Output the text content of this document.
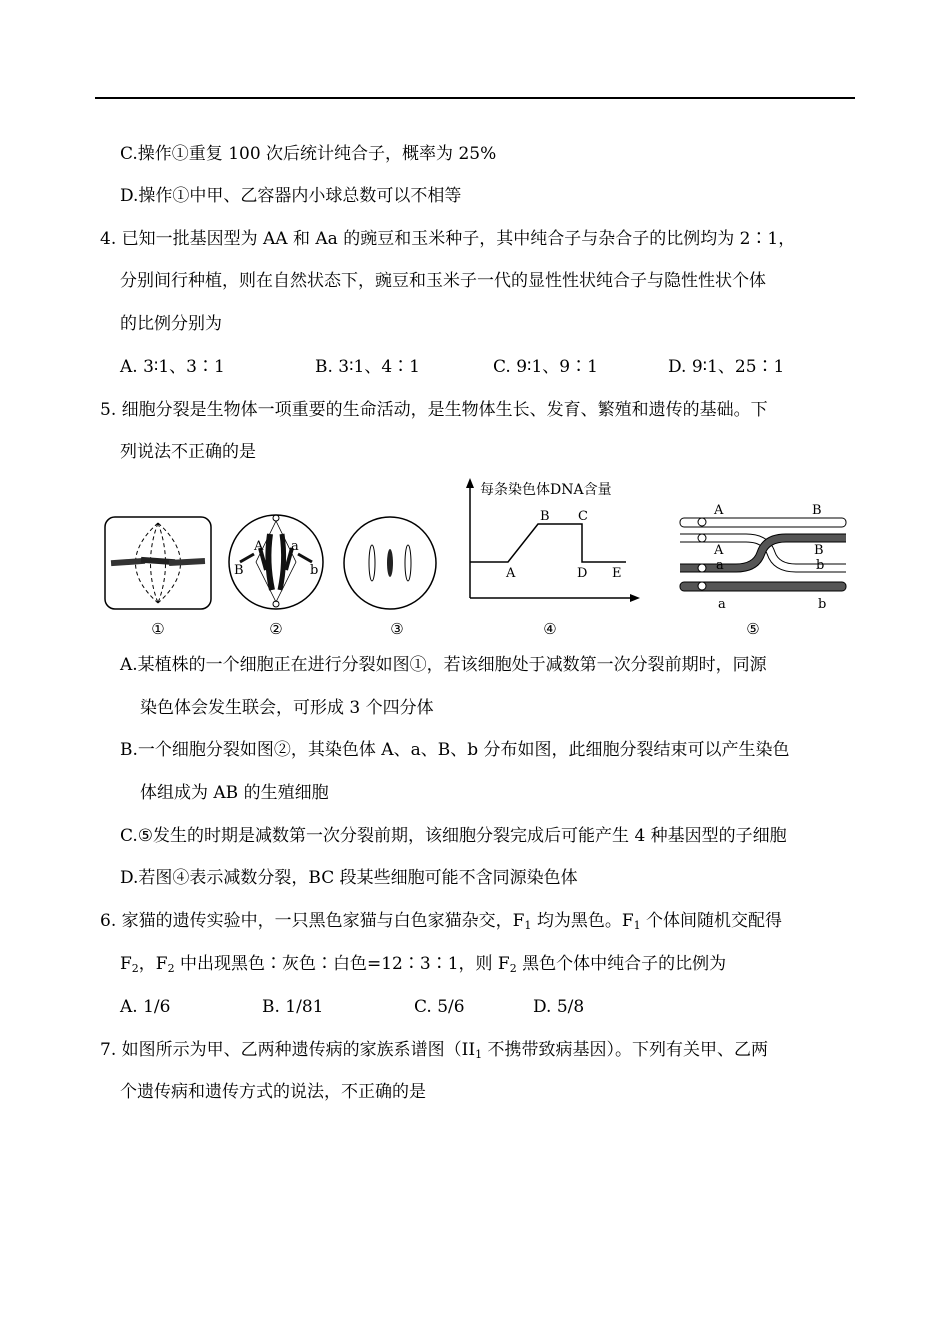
C.操作①重复 100 次后统计纯合子，概率为 25%
D.操作①中甲、乙容器内小球总数可以不相等
4. 已知一批基因型为 AA 和 Aa 的豌豆和玉米种子，其中纯合子与杂合子的比例均为 2∶1，
分别间行种植，则在自然状态下，豌豆和玉米子一代的显性性状纯合子与隐性性状个体
的比例分别为
A. 3∶1、3∶1	B. 3∶1、4∶1	C. 9∶1、9∶1	D. 9∶1、25∶1
5. 细胞分裂是生物体一项重要的生命活动，是生物体生长、发育、繁殖和遗传的基础。下
列说法不正确的是
①
A a
B	b
②	③
每条染色体DNA含量
A
B C
D E
④
A	B
A	B
a	b
a	b
⑤
A.某植株的一个细胞正在进行分裂如图①，若该细胞处于减数第一次分裂前期时，同源
染色体会发生联会，可形成 3 个四分体
B.一个细胞分裂如图②，其染色体 A、a、B、b 分布如图，此细胞分裂结束可以产生染色
体组成为 AB 的生殖细胞
C.⑤发生的时期是减数第一次分裂前期，该细胞分裂完成后可能产生 4 种基因型的子细胞
D.若图④表示减数分裂，BC 段某些细胞可能不含同源染色体
6. 家猫的遗传实验中，一只黑色家猫与白色家猫杂交，$F_1$ 均为黑色。$F_1$ 个体间随机交配得
$F_2$，$F_2$ 中出现黑色∶灰色∶白色=12∶3∶1，则 $F_2$ 黑色个体中纯合子的比例为
A. 1/6	B. 1/81	C. 5/6	D. 5/8
7. 如图所示为甲、乙两种遗传病的家族系谱图（$II_1$ 不携带致病基因）。下列有关甲、乙两
个遗传病和遗传方式的说法，不正确的是
